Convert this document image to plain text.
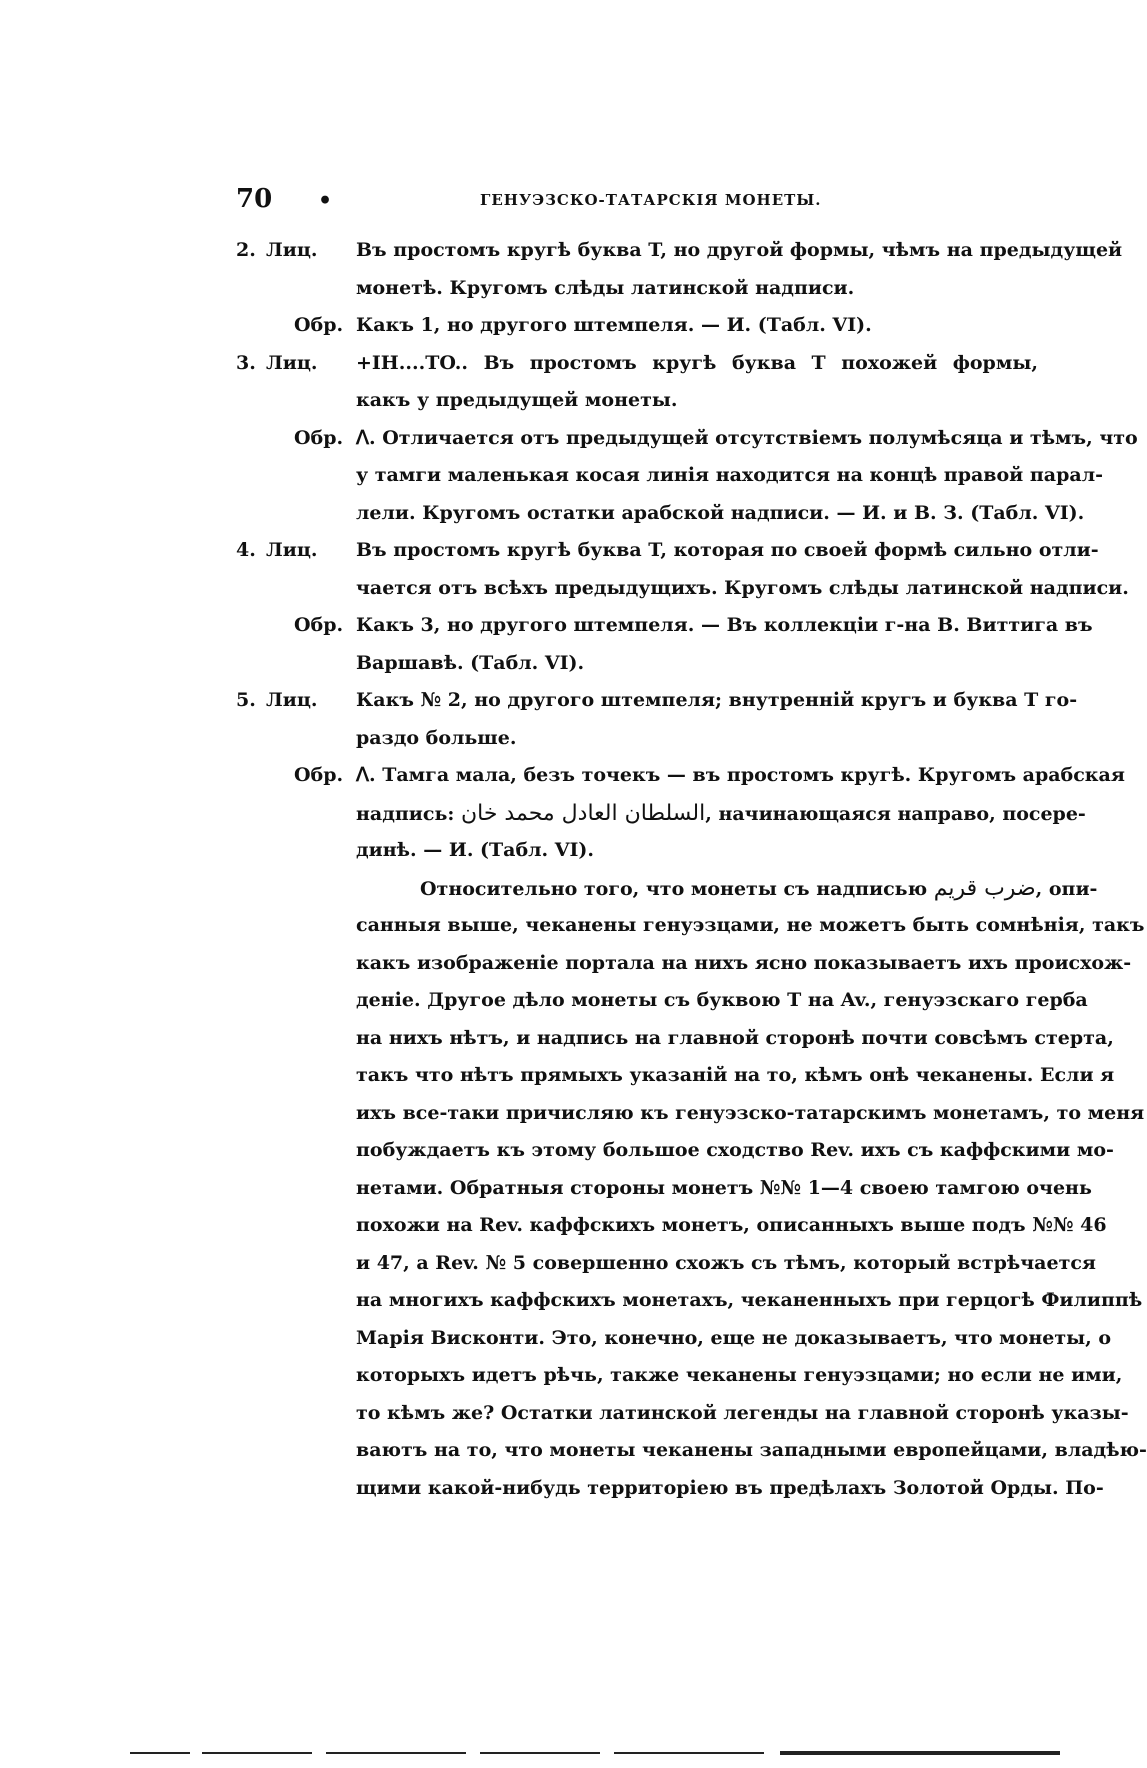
70 •	ГЕНУЭЗСКО-ТАТАРСКІЯ МОНЕТЫ.
2. Лиц. Въ простомъ кругѣ буква T, но другой формы, чѣмъ на предыдущей
монетѣ. Кругомъ слѣды латинской надписи.
Обр. Какъ 1, но другого штемпеля. — И. (Табл. VI).
3. Лиц. +IH....TO.. Въ простомъ кругѣ буква T похожей формы,
какъ у предыдущей монеты.
Обр. ꓥ. Отличается отъ предыдущей отсутствіемъ полумѣсяца и тѣмъ, что
у тамги маленькая косая линія находится на концѣ правой парал-
лели. Кругомъ остатки арабской надписи. — И. и В. З. (Табл. VI).
4. Лиц. Въ простомъ кругѣ буква T, которая по своей формѣ сильно отли-
чается отъ всѣхъ предыдущихъ. Кругомъ слѣды латинской надписи.
Обр. Какъ 3, но другого штемпеля. — Въ коллекціи г-на В. Виттига въ
Варшавѣ. (Табл. VI).
5. Лиц. Какъ № 2, но другого штемпеля; внутренній кругъ и буква T го-
раздо больше.
Обр. ꓥ. Тамга мала, безъ точекъ — въ простомъ кругѣ. Кругомъ арабская
надпись: السلطان العادل محمد خان, начинающаяся направо, посере-
динѣ. — И. (Табл. VI).
Относительно того, что монеты съ надписью ضرب قريم, опи-
санныя выше, чеканены генуэзцами, не можетъ быть сомнѣнія, такъ
какъ изображеніе портала на нихъ ясно показываетъ ихъ происхож-
деніе. Другое дѣло монеты съ буквою T на Av., генуэзскаго герба
на нихъ нѣтъ, и надпись на главной сторонѣ почти совсѣмъ стерта,
такъ что нѣтъ прямыхъ указаній на то, кѣмъ онѣ чеканены. Если я
ихъ все-таки причисляю къ генуэзско-татарскимъ монетамъ, то меня
побуждаетъ къ этому большое сходство Rev. ихъ съ каффскими мо-
нетами. Обратныя стороны монетъ №№ 1—4 своею тамгою очень
похожи на Rev. каффскихъ монетъ, описанныхъ выше подъ №№ 46
и 47, а Rev. № 5 совершенно схожъ съ тѣмъ, который встрѣчается
на многихъ каффскихъ монетахъ, чеканенныхъ при герцогѣ Филиппѣ
Марія Висконти. Это, конечно, еще не доказываетъ, что монеты, о
которыхъ идетъ рѣчь, также чеканены генуэзцами; но если не ими,
то кѣмъ же? Остатки латинской легенды на главной сторонѣ указы-
ваютъ на то, что монеты чеканены западными европейцами, владѣю-
щими какой-нибудь территоріею въ предѣлахъ Золотой Орды. По-
